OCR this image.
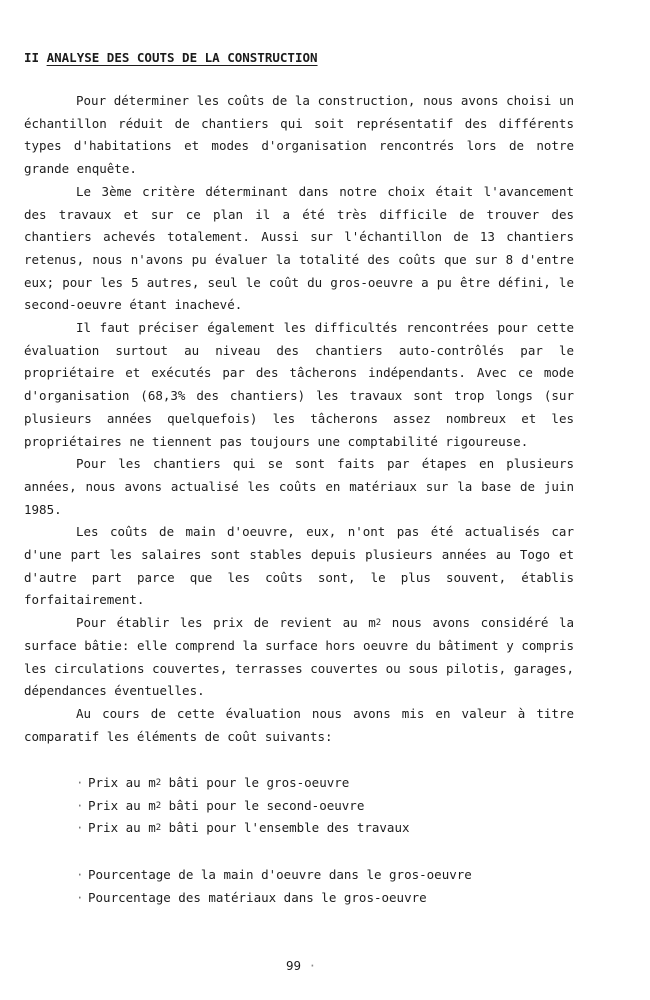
II ANALYSE DES COUTS DE LA CONSTRUCTION

Pour déterminer les coûts de la construction, nous avons choisi un échantillon réduit de chantiers qui soit représentatif des différents types d'habitations et modes d'organisation rencontrés lors de notre grande enquête.

Le 3ème critère déterminant dans notre choix était l'avancement des travaux et sur ce plan il a été très difficile de trouver des chantiers achevés totalement. Aussi sur l'échantillon de 13 chantiers retenus, nous n'avons pu évaluer la totalité des coûts que sur 8 d'entre eux; pour les 5 autres, seul le coût du gros-oeuvre a pu être défini, le second-oeuvre étant inachevé.

Il faut préciser également les difficultés rencontrées pour cette évaluation surtout au niveau des chantiers auto-contrôlés par le propriétaire et exécutés par des tâcherons indépendants. Avec ce mode d'organisation (68,3% des chantiers) les travaux sont trop longs (sur plusieurs années quelquefois) les tâcherons assez nombreux et les propriétaires ne tiennent pas toujours une comptabilité rigoureuse.

Pour les chantiers qui se sont faits par étapes en plusieurs années, nous avons actualisé les coûts en matériaux sur la base de juin 1985.

Les coûts de main d'oeuvre, eux, n'ont pas été actualisés car d'une part les salaires sont stables depuis plusieurs années au Togo et d'autre part parce que les coûts sont, le plus souvent, établis forfaitairement.

Pour établir les prix de revient au $m^2$ nous avons considéré la surface bâtie: elle comprend la surface hors oeuvre du bâtiment y compris les circulations couvertes, terrasses couvertes ou sous pilotis, garages, dépendances éventuelles.

Au cours de cette évaluation nous avons mis en valeur à titre comparatif les éléments de coût suivants:

· Prix au $m^2$ bâti pour le gros-oeuvre
· Prix au $m^2$ bâti pour le second-oeuvre
· Prix au $m^2$ bâti pour l'ensemble des travaux
· Pourcentage de la main d'oeuvre dans le gros-oeuvre
· Pourcentage des matériaux dans le gros-oeuvre
99 ·
